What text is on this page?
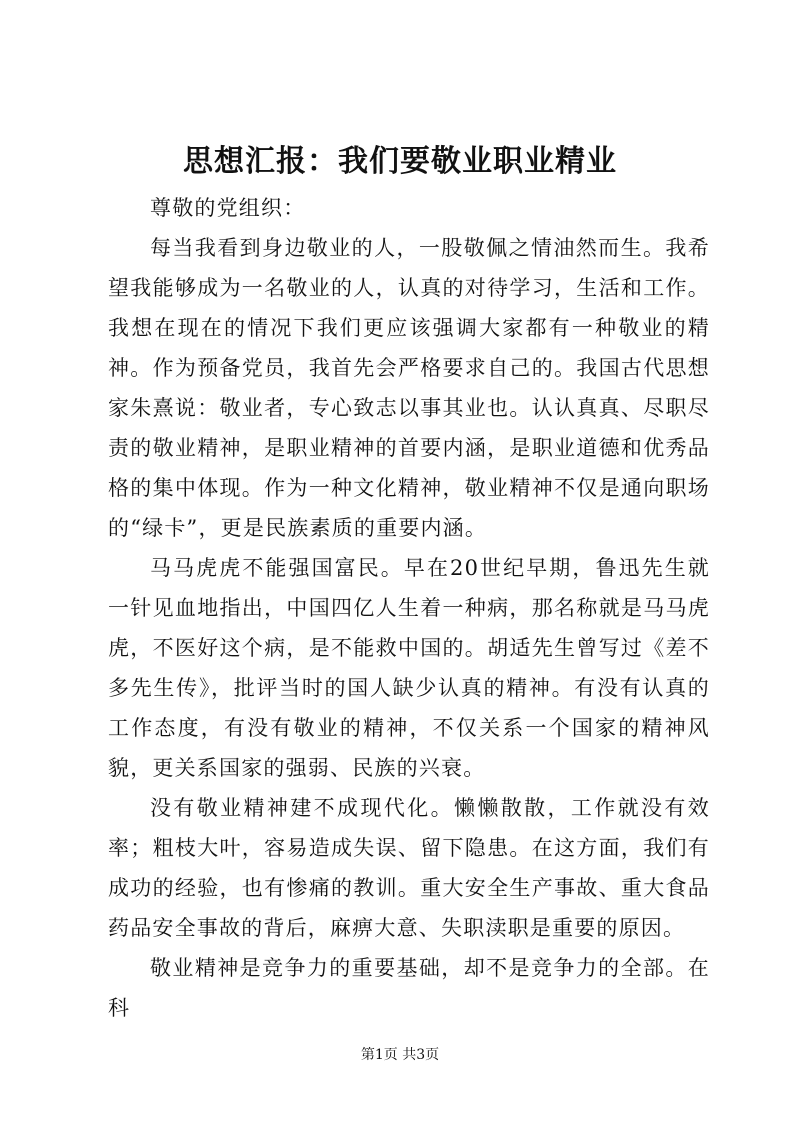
思想汇报：我们要敬业职业精业

尊敬的党组织：

每当我看到身边敬业的人，一股敬佩之情油然而生。我希望我能够成为一名敬业的人，认真的对待学习，生活和工作。我想在现在的情况下我们更应该强调大家都有一种敬业的精神。作为预备党员，我首先会严格要求自己的。我国古代思想家朱熹说：敬业者，专心致志以事其业也。认认真真、尽职尽责的敬业精神，是职业精神的首要内涵，是职业道德和优秀品格的集中体现。作为一种文化精神，敬业精神不仅是通向职场的“绿卡”，更是民族素质的重要内涵。

马马虎虎不能强国富民。早在20世纪早期，鲁迅先生就一针见血地指出，中国四亿人生着一种病，那名称就是马马虎虎，不医好这个病，是不能救中国的。胡适先生曾写过《差不多先生传》，批评当时的国人缺少认真的精神。有没有认真的工作态度，有没有敬业的精神，不仅关系一个国家的精神风貌，更关系国家的强弱、民族的兴衰。

没有敬业精神建不成现代化。懒懒散散，工作就没有效率；粗枝大叶，容易造成失误、留下隐患。在这方面，我们有成功的经验，也有惨痛的教训。重大安全生产事故、重大食品药品安全事故的背后，麻痹大意、失职渎职是重要的原因。

敬业精神是竞争力的重要基础，却不是竞争力的全部。在科

第1页 共3页
